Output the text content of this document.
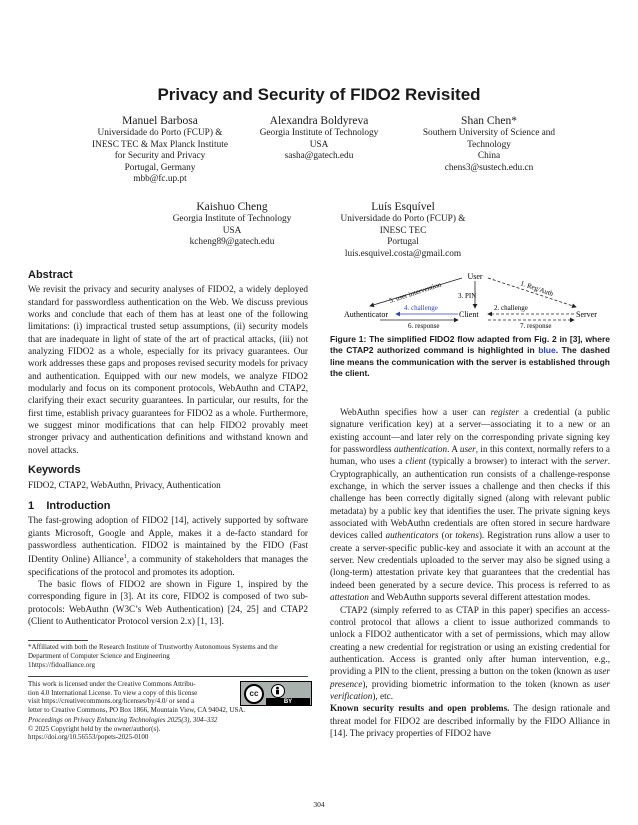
Privacy and Security of FIDO2 Revisited
Manuel Barbosa
Universidade do Porto (FCUP) &
INESC TEC & Max Planck Institute
for Security and Privacy
Portugal, Germany
mbb@fc.up.pt
Alexandra Boldyreva
Georgia Institute of Technology
USA
sasha@gatech.edu
Shan Chen*
Southern University of Science and
Technology
China
chens3@sustech.edu.cn
Kaishuo Cheng
Georgia Institute of Technology
USA
kcheng89@gatech.edu
Luís Esquível
Universidade do Porto (FCUP) &
INESC TEC
Portugal
luis.esquivel.costa@gmail.com
Abstract

We revisit the privacy and security analyses of FIDO2, a widely deployed standard for passwordless authentication on the Web. We discuss previous works and conclude that each of them has at least one of the following limitations: (i) impractical trusted setup assumptions, (ii) security models that are inadequate in light of state of the art of practical attacks, (iii) not analyzing FIDO2 as a whole, especially for its privacy guarantees. Our work addresses these gaps and proposes revised security models for privacy and authentication. Equipped with our new models, we analyze FIDO2 modularly and focus on its component protocols, WebAuthn and CTAP2, clarifying their exact security guarantees. In particular, our results, for the first time, establish privacy guarantees for FIDO2 as a whole. Furthermore, we suggest minor modifications that can help FIDO2 provably meet stronger privacy and authentication definitions and withstand known and novel attacks.

Keywords

FIDO2, CTAP2, WebAuthn, Privacy, Authentication

1    Introduction

The fast-growing adoption of FIDO2 [14], actively supported by software giants Microsoft, Google and Apple, makes it a de-facto standard for passwordless authentication. FIDO2 is maintained by the FIDO (Fast IDentity Online) Alliance$^1$, a community of stakeholders that manages the specifications of the protocol and promotes its adoption.

The basic flows of FIDO2 are shown in Figure 1, inspired by the corresponding figure in [3]. At its core, FIDO2 is composed of two sub-protocols: WebAuthn (W3C’s Web Authentication) [24, 25] and CTAP2 (Client to Authenticator Protocol version 2.x) [1, 13].

*Affiliated with both the Research Institute of Trustworthy Autonomous Systems and the Department of Computer Science and Engineering
1https://fidoalliance.org
This work is licensed under the Creative Commons Attribu-
tion 4.0 International License. To view a copy of this license
visit https://creativecommons.org/licenses/by/4.0/ or send a
letter to Creative Commons, PO Box 1866, Mountain View, CA 94042, USA.
cc
BY
Proceedings on Privacy Enhancing Technologies 2025(3), 304–332
© 2025 Copyright held by the owner/author(s).
https://doi.org/10.56553/popets-2025-0100
User
Authenticator	Client	Server
1. Reg/Auth
5. user intervention 3. PIN
2. challenge
4. challenge
6. response	7. response
Figure 1: The simplified FIDO2 flow adapted from Fig. 2 in [3], where the CTAP2 authorized command is highlighted in blue. The dashed line means the communication with the server is established through the client.

WebAuthn specifies how a user can register a credential (a public signature verification key) at a server—associating it to a new or an existing account—and later rely on the corresponding private signing key for passwordless authentication. A user, in this context, normally refers to a human, who uses a client (typically a browser) to interact with the server. Cryptographically, an authentication run consists of a challenge-response exchange, in which the server issues a challenge and then checks if this challenge has been correctly digitally signed (along with relevant public metadata) by a public key that identifies the user. The private signing keys associated with WebAuthn credentials are often stored in secure hardware devices called authenticators (or tokens). Registration runs allow a user to create a server-specific public-key and associate it with an account at the server. New credentials uploaded to the server may also be signed using a (long-term) attestation private key that guarantees that the credential has indeed been generated by a secure device. This process is referred to as attestation and WebAuthn supports several different attestation modes.

CTAP2 (simply referred to as CTAP in this paper) specifies an access-control protocol that allows a client to issue authorized commands to unlock a FIDO2 authenticator with a set of permissions, which may allow creating a new credential for registration or using an existing credential for authentication. Access is granted only after human intervention, e.g., providing a PIN to the client, pressing a button on the token (known as user presence), providing biometric information to the token (known as user verification), etc.

Known security results and open problems. The design rationale and threat model for FIDO2 are described informally by the FIDO Alliance in [14]. The privacy properties of FIDO2 have

304
